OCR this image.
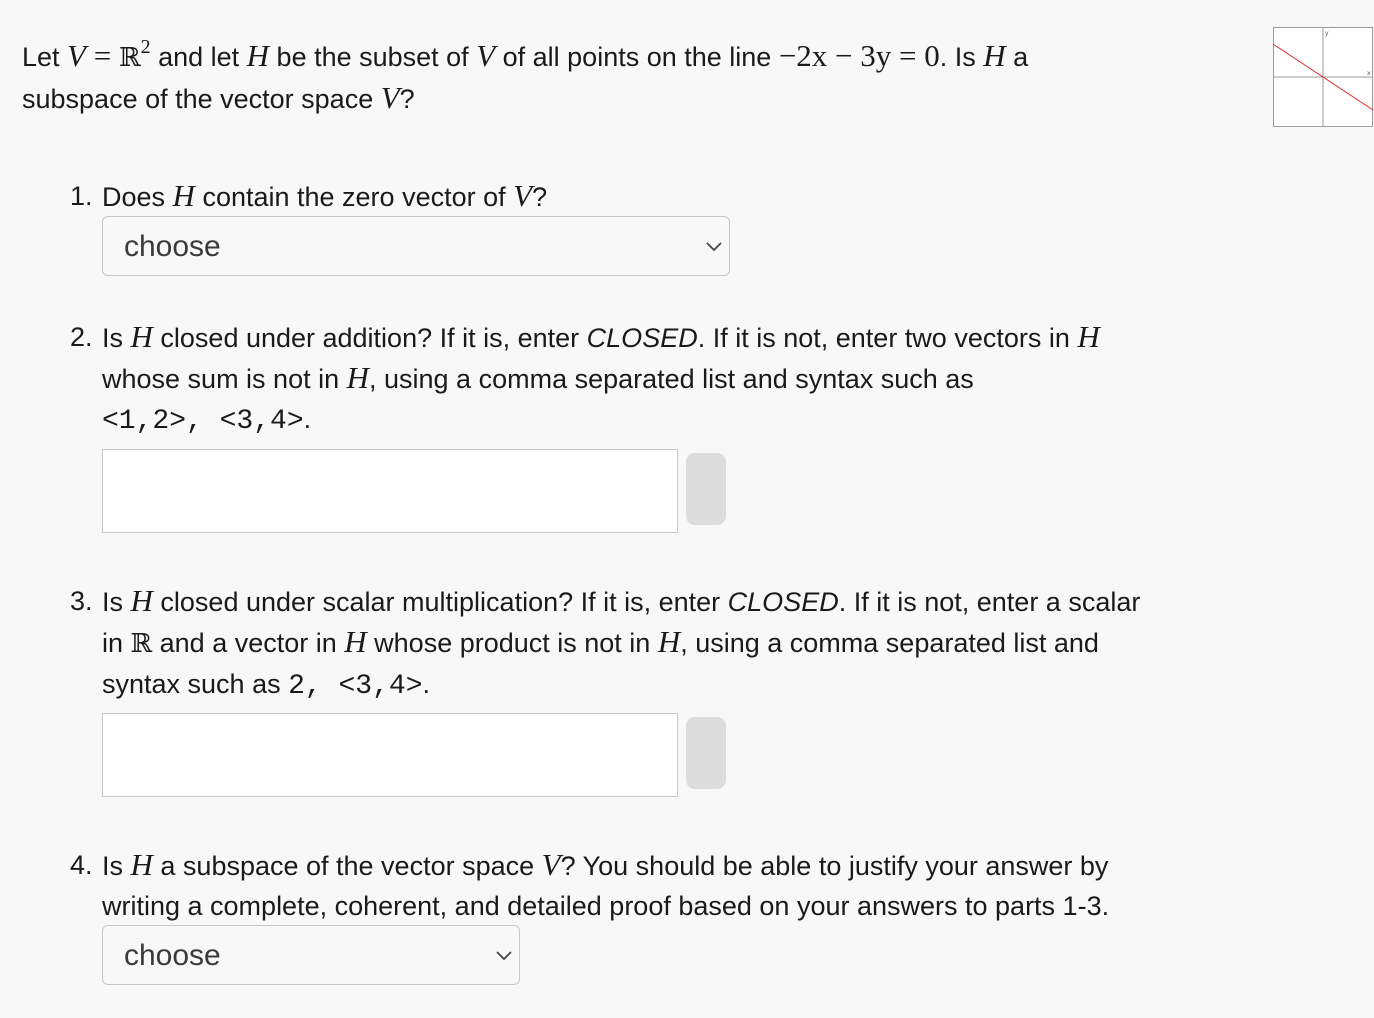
Let V = ℝ$^2$ and let H be the subset of V of all points on the line −2x − 3y = 0. Is H a

subspace of the vector space V?

y
x
1. Does H contain the zero vector of V?
2. Is H closed under addition? If it is, enter CLOSED. If it is not, enter two vectors in H
whose sum is not in H, using a comma separated list and syntax such as
<1,2>, <3,4>.
3. Is H closed under scalar multiplication? If it is, enter CLOSED. If it is not, enter a scalar
in ℝ and a vector in H whose product is not in H, using a comma separated list and
syntax such as 2, <3,4>.
4. Is H a subspace of the vector space V? You should be able to justify your answer by
writing a complete, coherent, and detailed proof based on your answers to parts 1-3.
choose
choose
